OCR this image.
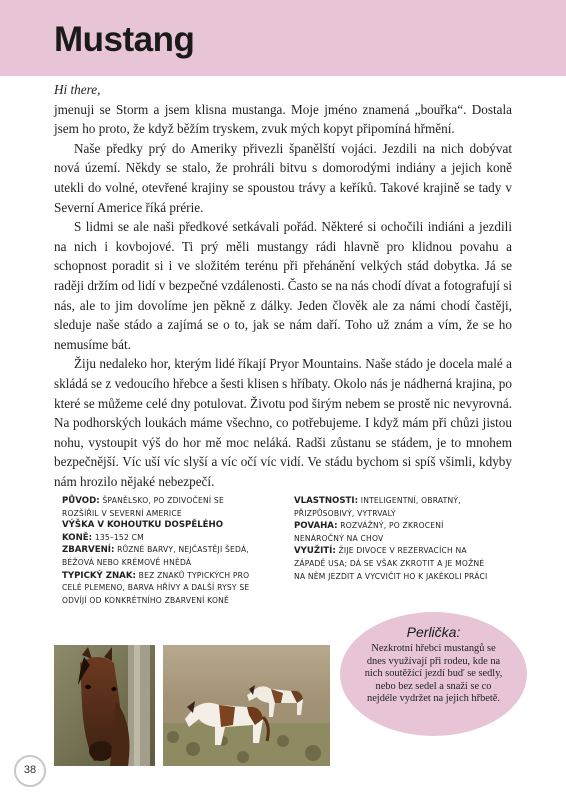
Mustang

Hi there,

jmenuji se Storm a jsem klisna mustanga. Moje jméno znamená „bouřka“. Dostala jsem ho proto, že když běžím tryskem, zvuk mých kopyt připomíná hřmění.

Naše předky prý do Ameriky přivezli španělští vojáci. Jezdili na nich dobývat nová území. Někdy se stalo, že prohráli bitvu s domorodými indiány a jejich koně utekli do volné, otevřené krajiny se spoustou trávy a keříků. Takové krajině se tady v Severní Americe říká prérie.

S lidmi se ale naši předkové setkávali pořád. Některé si ochočili indiáni a jezdili na nich i kovbojové. Ti prý měli mustangy rádi hlavně pro klidnou povahu a schopnost poradit si i ve složitém terénu při přehánění velkých stád dobytka. Já se raději držím od lidí v bezpečné vzdálenosti. Často se na nás chodí dívat a fotografují si nás, ale to jim dovolíme jen pěkně z dálky. Jeden člověk ale za námi chodí častěji, sleduje naše stádo a zajímá se o to, jak se nám daří. Toho už znám a vím, že se ho nemusíme bát.

Žiju nedaleko hor, kterým lidé říkají Pryor Mountains. Naše stádo je docela malé a skládá se z vedoucího hřebce a šesti klisen s hříbaty. Okolo nás je nádherná krajina, po které se můžeme celé dny potulovat. Životu pod širým nebem se prostě nic nevyrovná. Na podhorských loukách máme všechno, co potřebujeme. I když mám při chůzi jistou nohu, vystoupit výš do hor mě moc neláká. Radši zůstanu se stádem, je to mnohem bezpečnější. Víc uší víc slyší a víc očí víc vidí. Ve stádu bychom si spíš všimli, kdyby nám hrozilo nějaké nebezpečí.

PŮVOD: ŠPANĚLSKO, PO ZDIVOČENÍ SE ROZŠÍŘIL V SEVERNÍ AMERICE

VÝŠKA V KOHOUTKU DOSPĚLÉHO KONĚ: 135–152 CM

ZBARVENÍ: RŮZNÉ BARVY, NEJČASTĚJI ŠEDÁ, BÉŽOVÁ NEBO KRÉMOVĚ HNĚDÁ

TYPICKÝ ZNAK: BEZ ZNAKŮ TYPICKÝCH PRO CELÉ PLEMENO, BARVA HŘÍVY A DALŠÍ RYSY SE ODVÍJÍ OD KONKRÉTNÍHO ZBARVENÍ KONĚ

VLASTNOSTI: INTELIGENTNÍ, OBRATNÝ, PŘIZPŮSOBIVÝ, VYTRVALÝ

POVAHA: ROZVÁŽNÝ, PO ZKROCENÍ NENÁROČNÝ NA CHOV

VYUŽITÍ: ŽIJE DIVOCE V REZERVACÍCH NA ZÁPADĚ USA; DÁ SE VŠAK ZKROTIT A JE MOŽNÉ NA NĚM JEZDIT A VYCVIČIT HO K JAKÉKOLI PRÁCI

Perlička:
Nezkrotní hřebci mustangů se dnes využívají při rodeu, kde na nich soutěžící jezdí buď se sedly, nebo bez sedel a snaží se co nejdéle vydržet na jejich hřbetě.
38
